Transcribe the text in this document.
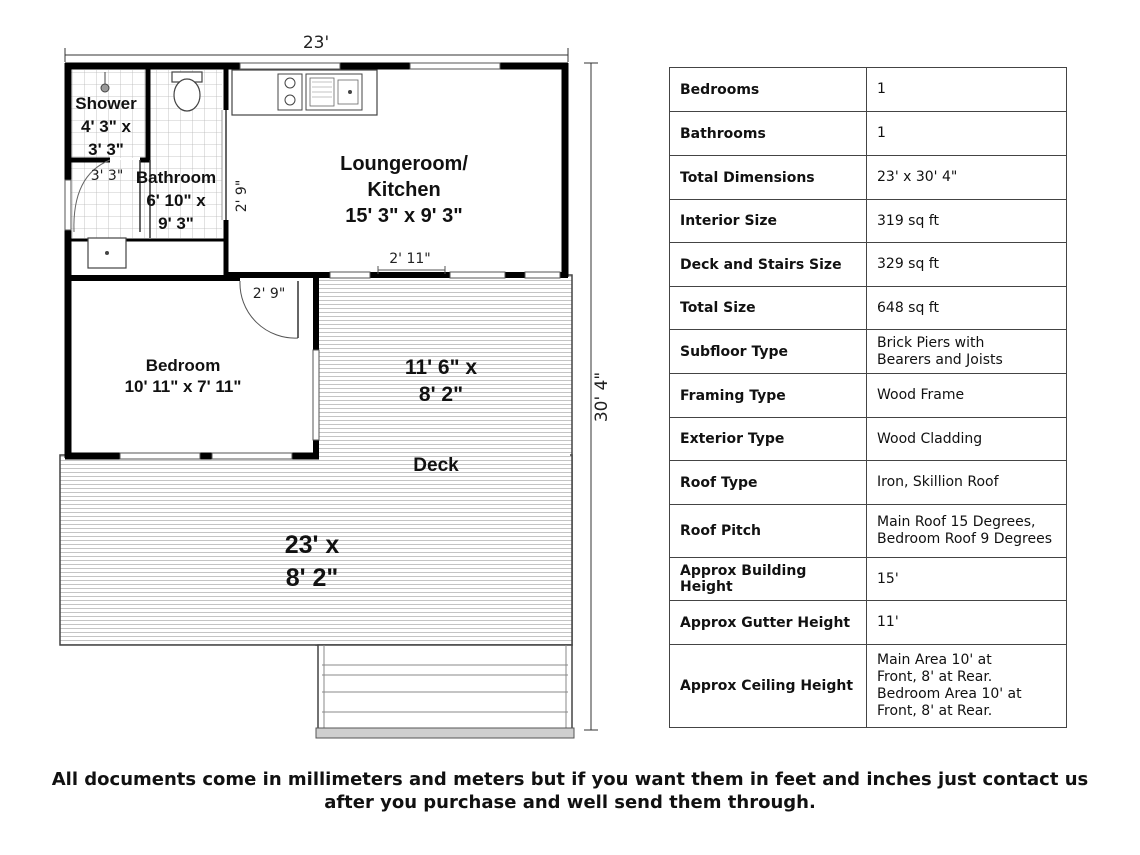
23'
30' 4"
Shower
4' 3" x
3' 3"
Bathroom
6' 10" x
9' 3"
Loungeroom/
Kitchen
15' 3" x 9' 3"
Bedroom
10' 11" x 7' 11"
11' 6" x
8' 2"
Deck
23' x
8' 2"
3' 3"
2' 9"
2' 11"
2' 9"
Bedrooms	1
Bathrooms	1
Total Dimensions	23' x 30' 4"
Interior Size	319 sq ft
Deck and Stairs Size	329 sq ft
Total Size	648 sq ft
Subfloor Type	Brick Piers with
Bearers and Joists
Framing Type	Wood Frame
Exterior Type	Wood Cladding
Roof Type	Iron, Skillion Roof
Roof Pitch	Main Roof 15 Degrees,
Bedroom Roof 9 Degrees
Approx Building Height	15'
Approx Gutter Height	11'
Approx Ceiling Height	Main Area 10' at
Front, 8' at Rear.
Bedroom Area 10' at
Front, 8' at Rear.
All documents come in millimeters and meters but if you want them in feet and inches just contact us
after you purchase and well send them through.
